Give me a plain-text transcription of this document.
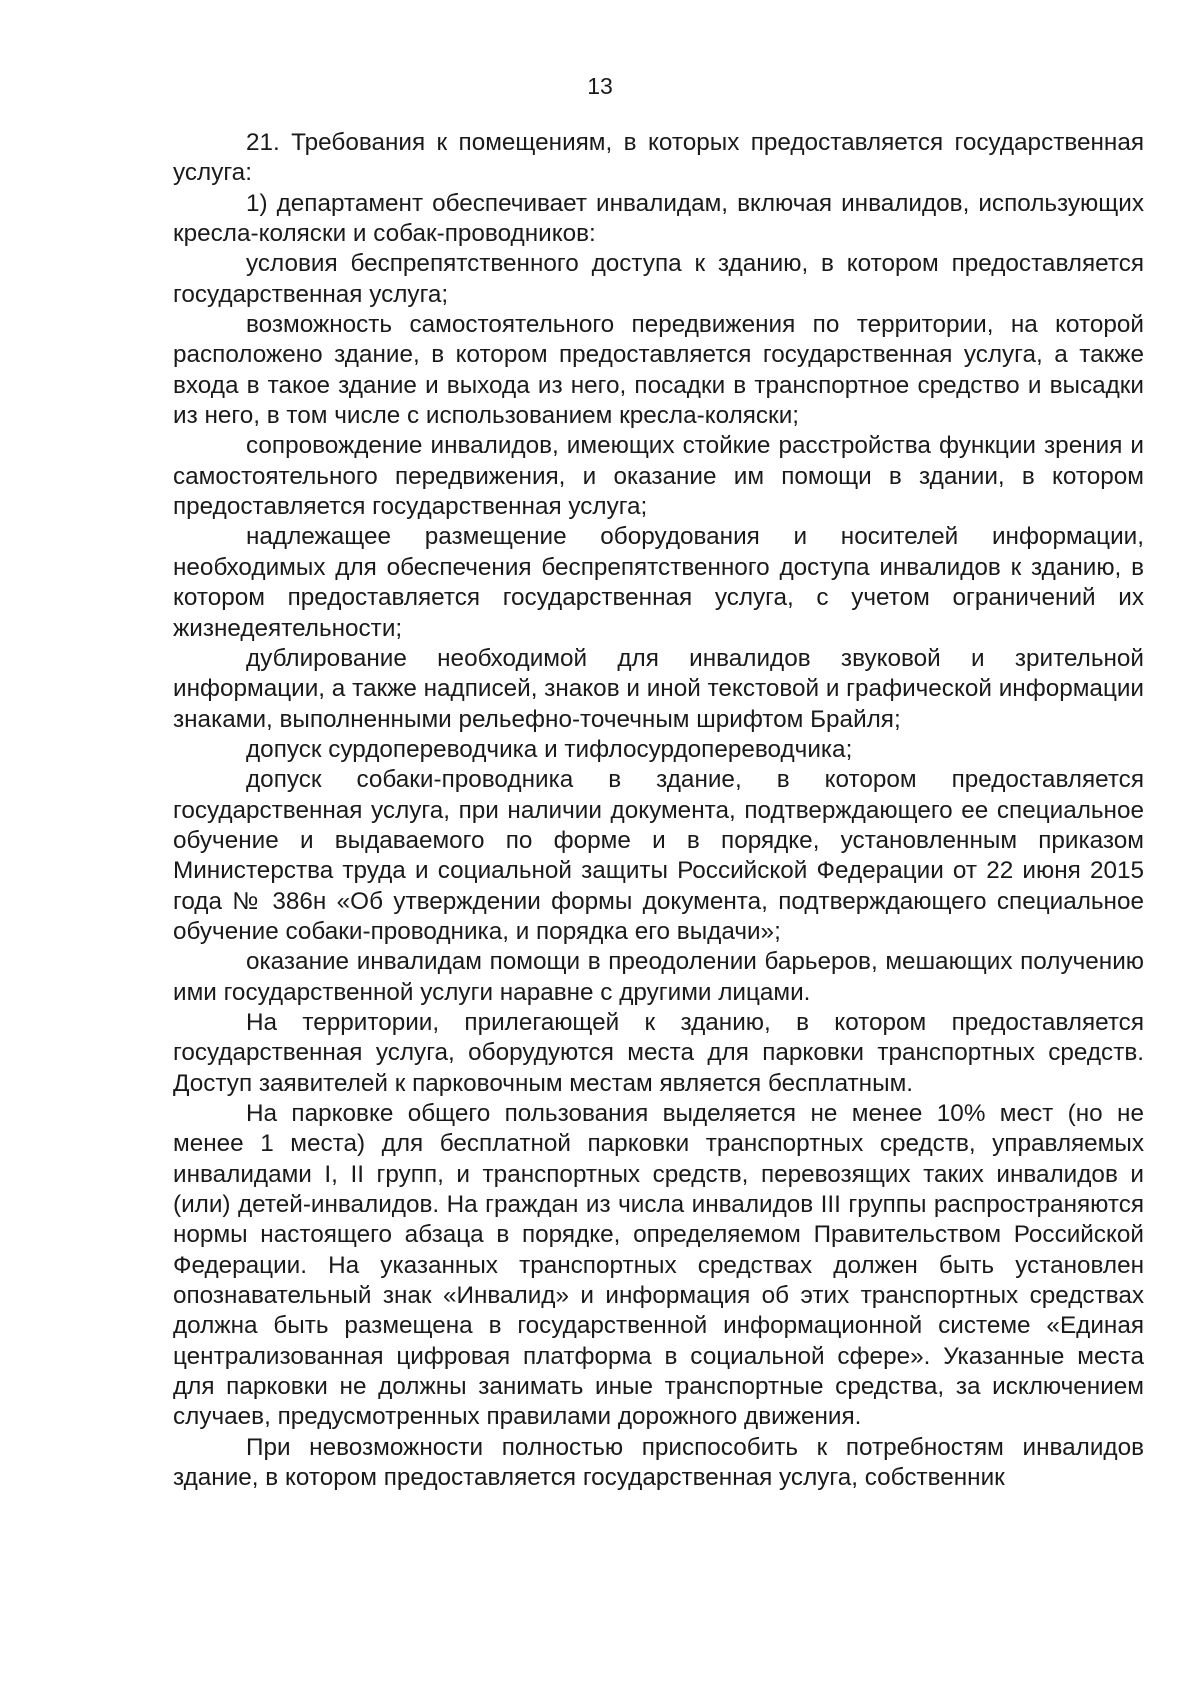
13

21. Требования к помещениям, в которых предоставляется государственная услуга:

1) департамент обеспечивает инвалидам, включая инвалидов, использующих кресла-коляски и собак-проводников:

условия беспрепятственного доступа к зданию, в котором предоставляется государственная услуга;

возможность самостоятельного передвижения по территории, на которой расположено здание, в котором предоставляется государственная услуга, а также входа в такое здание и выхода из него, посадки в транспортное средство и высадки из него, в том числе с использованием кресла-коляски;

сопровождение инвалидов, имеющих стойкие расстройства функции зрения и самостоятельного передвижения, и оказание им помощи в здании, в котором предоставляется государственная услуга;

надлежащее размещение оборудования и носителей информации, необходимых для обеспечения беспрепятственного доступа инвалидов к зданию, в котором предоставляется государственная услуга, с учетом ограничений их жизнедеятельности;

дублирование необходимой для инвалидов звуковой и зрительной информации, а также надписей, знаков и иной текстовой и графической информации знаками, выполненными рельефно-точечным шрифтом Брайля;

допуск сурдопереводчика и тифлосурдопереводчика;

допуск собаки-проводника в здание, в котором предоставляется государственная услуга, при наличии документа, подтверждающего ее специальное обучение и выдаваемого по форме и в порядке, установленным приказом Министерства труда и социальной защиты Российской Федерации от 22 июня 2015 года № 386н «Об утверждении формы документа, подтверждающего специальное обучение собаки-проводника, и порядка его выдачи»;

оказание инвалидам помощи в преодолении барьеров, мешающих получению ими государственной услуги наравне с другими лицами.

На территории, прилегающей к зданию, в котором предоставляется государственная услуга, оборудуются места для парковки транспортных средств. Доступ заявителей к парковочным местам является бесплатным.

На парковке общего пользования выделяется не менее 10% мест (но не менее 1 места) для бесплатной парковки транспортных средств, управляемых инвалидами I, II групп, и транспортных средств, перевозящих таких инвалидов и (или) детей-инвалидов. На граждан из числа инвалидов III группы распространяются нормы настоящего абзаца в порядке, определяемом Правительством Российской Федерации. На указанных транспортных средствах должен быть установлен опознавательный знак «Инвалид» и информация об этих транспортных средствах должна быть размещена в государственной информационной системе «Единая централизованная цифровая платформа в социальной сфере». Указанные места для парковки не должны занимать иные транспортные средства, за исключением случаев, предусмотренных правилами дорожного движения.

При невозможности полностью приспособить к потребностям инвалидов здание, в котором предоставляется государственная услуга, собственник
